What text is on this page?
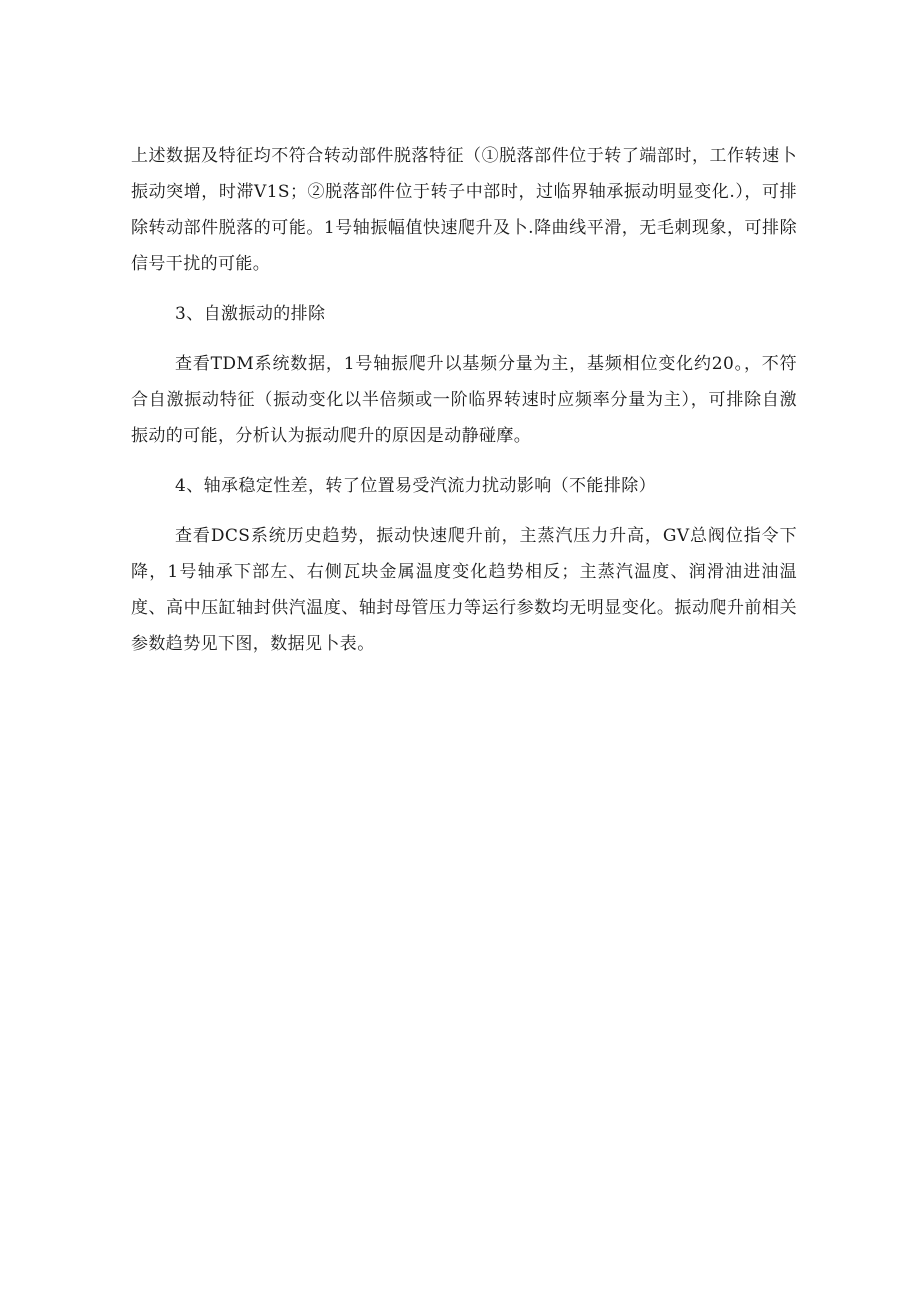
上述数据及特征均不符合转动部件脱落特征（①脱落部件位于转了端部时，工作转速卜振动突增，时滞V1S；②脱落部件位于转子中部时，过临界轴承振动明显变化.），可排除转动部件脱落的可能。1号轴振幅值快速爬升及卜.降曲线平滑，无毛刺现象，可排除信号干扰的可能。

3、自激振动的排除

查看TDM系统数据，1号轴振爬升以基频分量为主，基频相位变化约20。，不符合自激振动特征（振动变化以半倍频或一阶临界转速时应频率分量为主），可排除自激振动的可能，分析认为振动爬升的原因是动静碰摩。

4、轴承稳定性差，转了位置易受汽流力扰动影响（不能排除）

查看DCS系统历史趋势，振动快速爬升前，主蒸汽压力升高，GV总阀位指令下降，1号轴承下部左、右侧瓦块金属温度变化趋势相反；主蒸汽温度、润滑油进油温度、高中压缸轴封供汽温度、轴封母管压力等运行参数均无明显变化。振动爬升前相关参数趋势见下图，数据见卜表。
